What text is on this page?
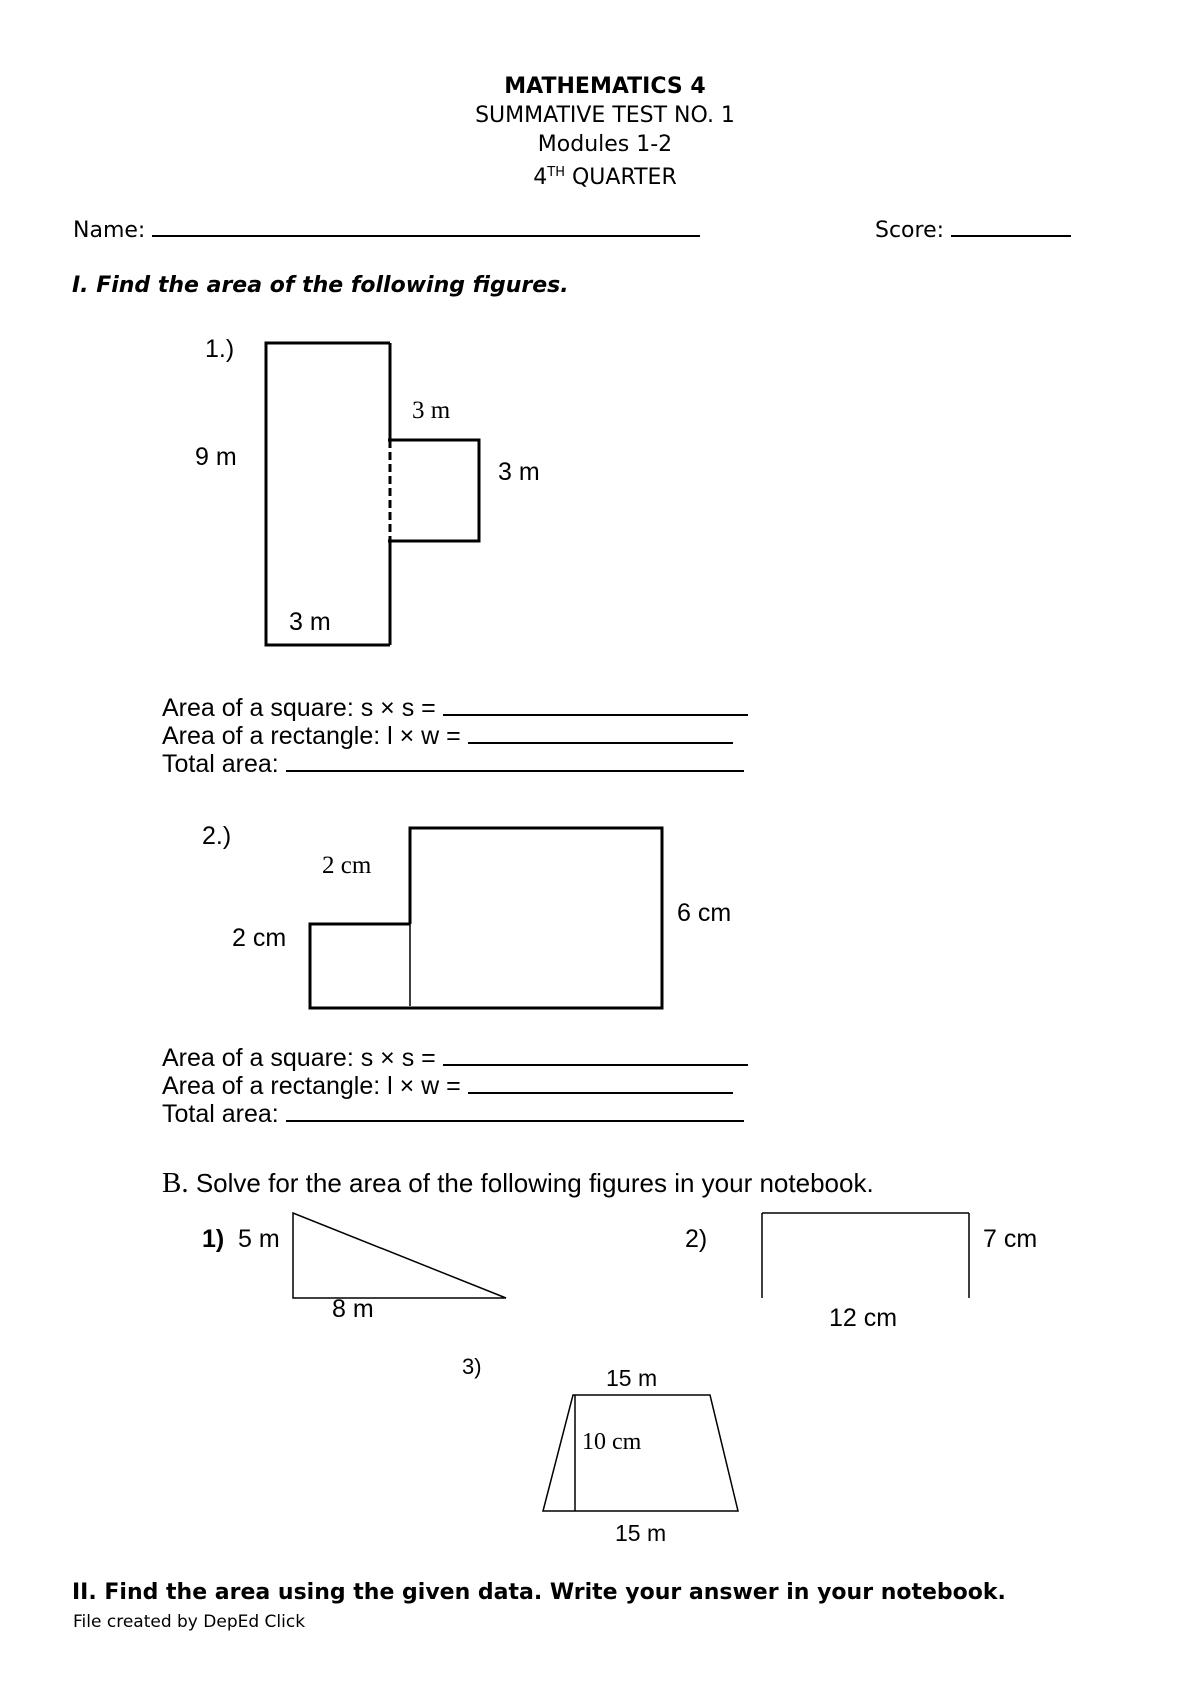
MATHEMATICS 4
SUMMATIVE TEST NO. 1
Modules 1-2
4TH QUARTER
Name:	Score:
I. Find the area of the following figures.
1.)
9 m
3 m
3 m
3 m
Area of a square: s × s =
Area of a rectangle: l × w =
Total area:
2.)
2 cm
2 cm
6 cm
Area of a square: s × s =
Area of a rectangle: l × w =
Total area:
B. Solve for the area of the following figures in your notebook.
1) 5 m
8 m
2)	7 cm
12 cm
3)	15 m
10 cm
15 m
II. Find the area using the given data. Write your answer in your notebook.
File created by DepEd Click
